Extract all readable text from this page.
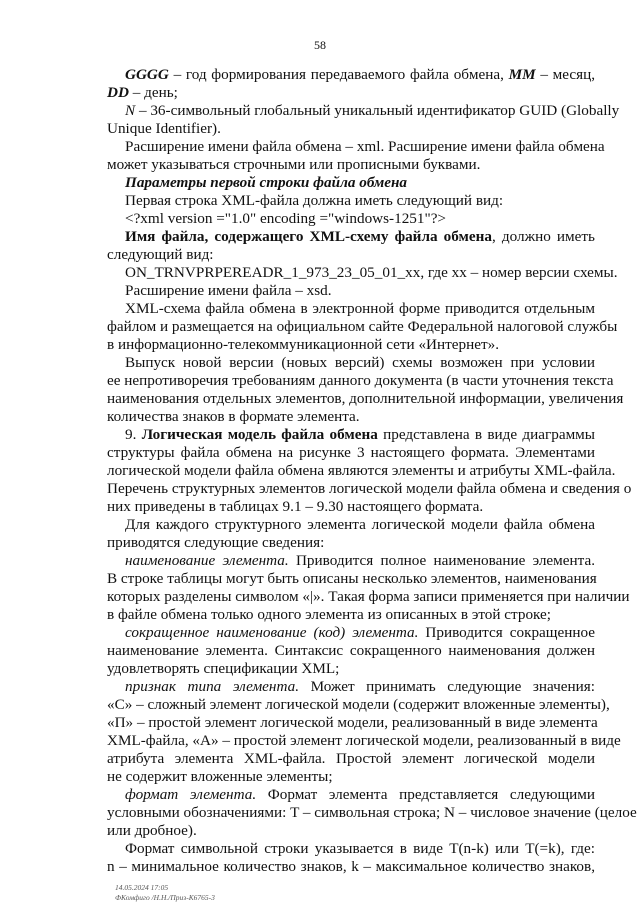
58
GGGG – год формирования передаваемого файла обмена, MM – месяц,
DD – день;
N – 36-символьный глобальный уникальный идентификатор GUID (Globally
Unique Identifier).
Расширение имени файла обмена – xml. Расширение имени файла обмена
может указываться строчными или прописными буквами.
Параметры первой строки файла обмена
Первая строка XML-файла должна иметь следующий вид:
<?xml version ="1.0" encoding ="windows-1251"?>
Имя файла, содержащего XML-схему файла обмена, должно иметь
следующий вид:
ON_TRNVPRPEREADR_1_973_23_05_01_xx, где хх – номер версии схемы.
Расширение имени файла – xsd.
XML-схема файла обмена в электронной форме приводится отдельным
файлом и размещается на официальном сайте Федеральной налоговой службы
в информационно-телекоммуникационной сети «Интернет».
Выпуск новой версии (новых версий) схемы возможен при условии
ее непротиворечия требованиям данного документа (в части уточнения текста
наименования отдельных элементов, дополнительной информации, увеличения
количества знаков в формате элемента.
9. Логическая модель файла обмена представлена в виде диаграммы
структуры файла обмена на рисунке 3 настоящего формата. Элементами
логической модели файла обмена являются элементы и атрибуты XML-файла.
Перечень структурных элементов логической модели файла обмена и сведения о
них приведены в таблицах 9.1 – 9.30 настоящего формата.
Для каждого структурного элемента логической модели файла обмена
приводятся следующие сведения:
наименование элемента. Приводится полное наименование элемента.
В строке таблицы могут быть описаны несколько элементов, наименования
которых разделены символом «|». Такая форма записи применяется при наличии
в файле обмена только одного элемента из описанных в этой строке;
сокращенное наименование (код) элемента. Приводится сокращенное
наименование элемента. Синтаксис сокращенного наименования должен
удовлетворять спецификации XML;
признак типа элемента. Может принимать следующие значения:
«С» – сложный элемент логической модели (содержит вложенные элементы),
«П» – простой элемент логической модели, реализованный в виде элемента
XML-файла, «А» – простой элемент логической модели, реализованный в виде
атрибута элемента XML-файла. Простой элемент логической модели
не содержит вложенные элементы;
формат элемента. Формат элемента представляется следующими
условными обозначениями: T – символьная строка; N – числовое значение (целое
или дробное).
Формат символьной строки указывается в виде T(n-k) или T(=k), где:
n – минимальное количество знаков, k – максимальное количество знаков,
14.05.2024 17:05
ФКомфиго /Н.Н./Приз-К6765-3
